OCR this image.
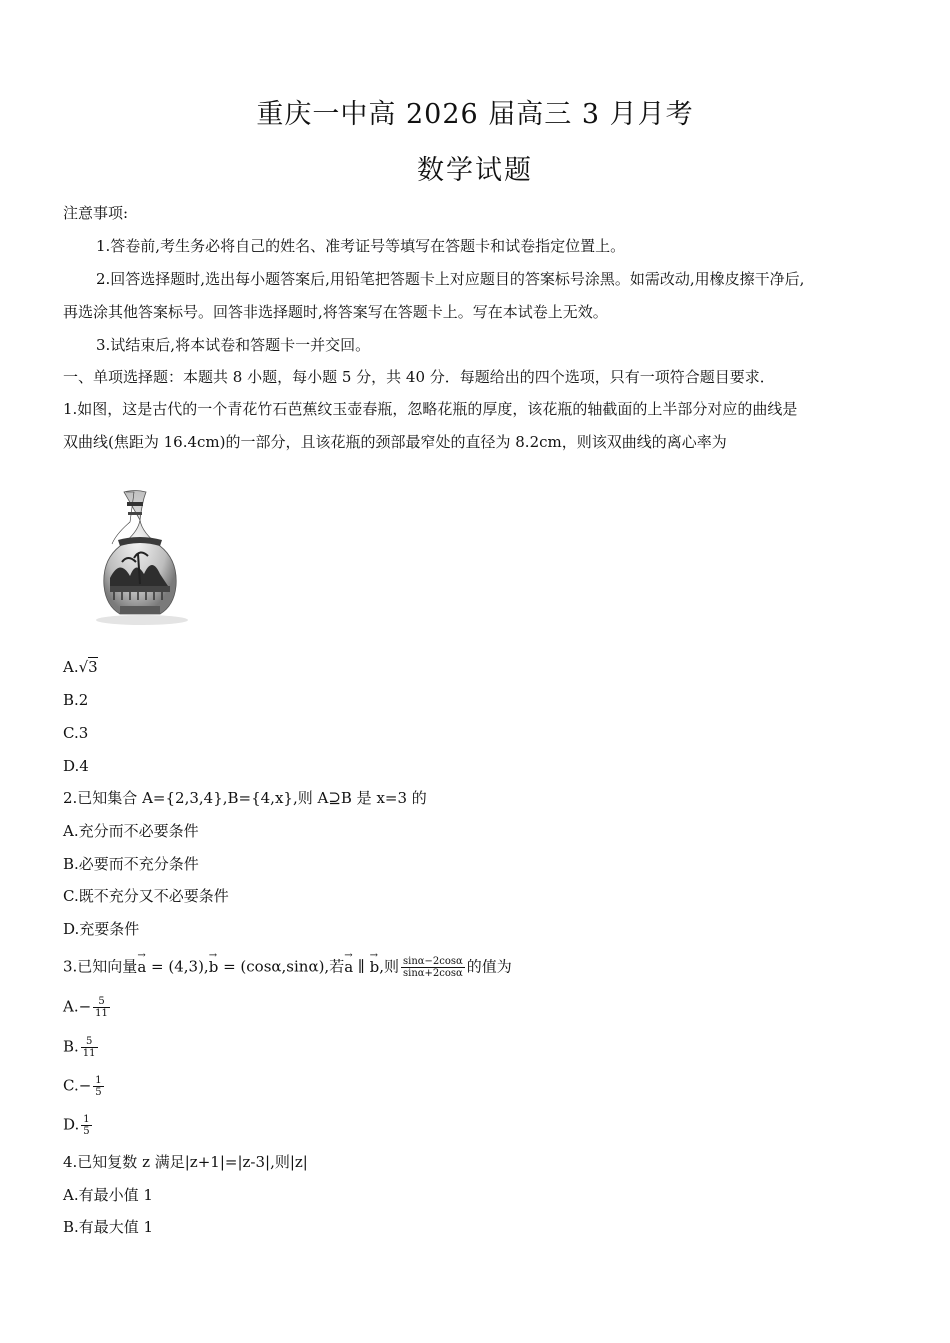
重庆一中高 2026 届高三 3 月月考
数学试题
注意事项:
1.答卷前,考生务必将自己的姓名、准考证号等填写在答题卡和试卷指定位置上。
2.回答选择题时,选出每小题答案后,用铅笔把答题卡上对应题目的答案标号涂黑。如需改动,用橡皮擦干净后,
再选涂其他答案标号。回答非选择题时,将答案写在答题卡上。写在本试卷上无效。
3.试结束后,将本试卷和答题卡一并交回。
一、单项选择题：本题共 8 小题，每小题 5 分，共 40 分．每题给出的四个选项，只有一项符合题目要求．
1.如图，这是古代的一个青花竹石芭蕉纹玉壶春瓶，忽略花瓶的厚度，该花瓶的轴截面的上半部分对应的曲线是
双曲线(焦距为 16.4cm)的一部分，且该花瓶的颈部最窄处的直径为 8.2cm，则该双曲线的离心率为
A.√3
B.2
C.3
D.4
2.已知集合 A={2,3,4},B={4,x},则 A⊇B 是 x=3 的
A.充分而不必要条件
B.必要而不充分条件
C.既不充分又不必要条件
D.充要条件
3.已知向量→ a = (4,3),→ b = (cosα,sinα),若→ a ∥ → b,则 $\frac{\sin\alpha-2\cos\alpha}{\sin\alpha+2\cos\alpha}$ 的值为
$A.- \frac{5}{11}$
B. $\frac{5}{11}$
$C.- \frac{1}{5}$
D. $\frac{1}{5}$
4.已知复数 z 满足|z+1|=|z-3|,则|z|
A.有最小值 1
B.有最大值 1
